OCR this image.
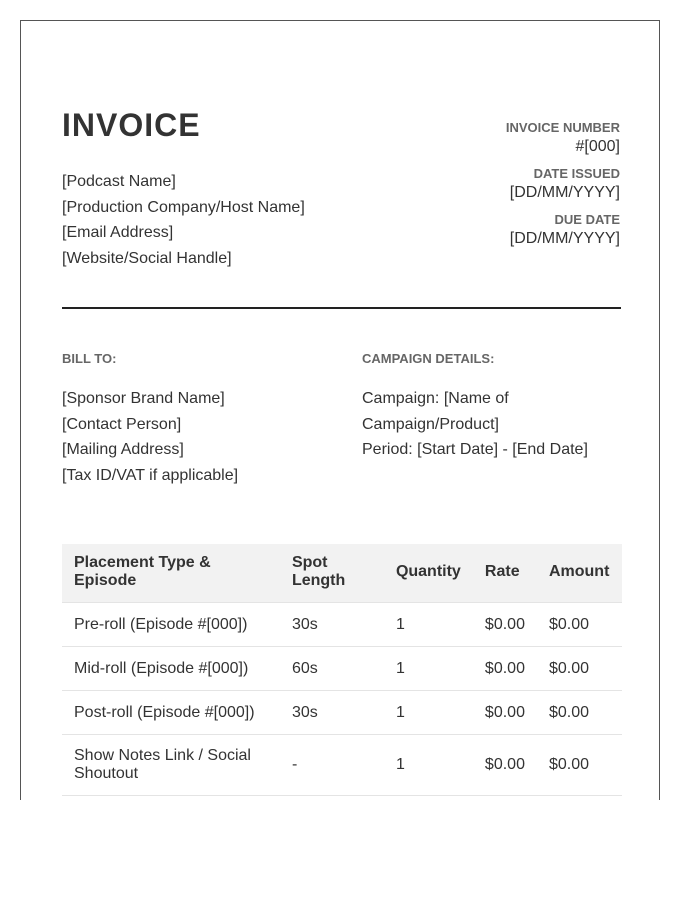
INVOICE
[Podcast Name]
[Production Company/Host Name]
[Email Address]
[Website/Social Handle]
INVOICE NUMBER
#[000]
DATE ISSUED
[DD/MM/YYYY]
DUE DATE
[DD/MM/YYYY]
BILL TO:	CAMPAIGN DETAILS:
[Sponsor Brand Name]
[Contact Person]
[Mailing Address]
[Tax ID/VAT if applicable]
Campaign: [Name of Campaign/Product]
Period: [Start Date] - [End Date]
Placement Type & Episode	Spot Length	Quantity	Rate	Amount
Pre-roll (Episode #[000])	30s	1	$0.00	$0.00
Mid-roll (Episode #[000])	60s	1	$0.00	$0.00
Post-roll (Episode #[000])	30s	1	$0.00	$0.00
Show Notes Link / Social Shoutout	-	1	$0.00	$0.00
